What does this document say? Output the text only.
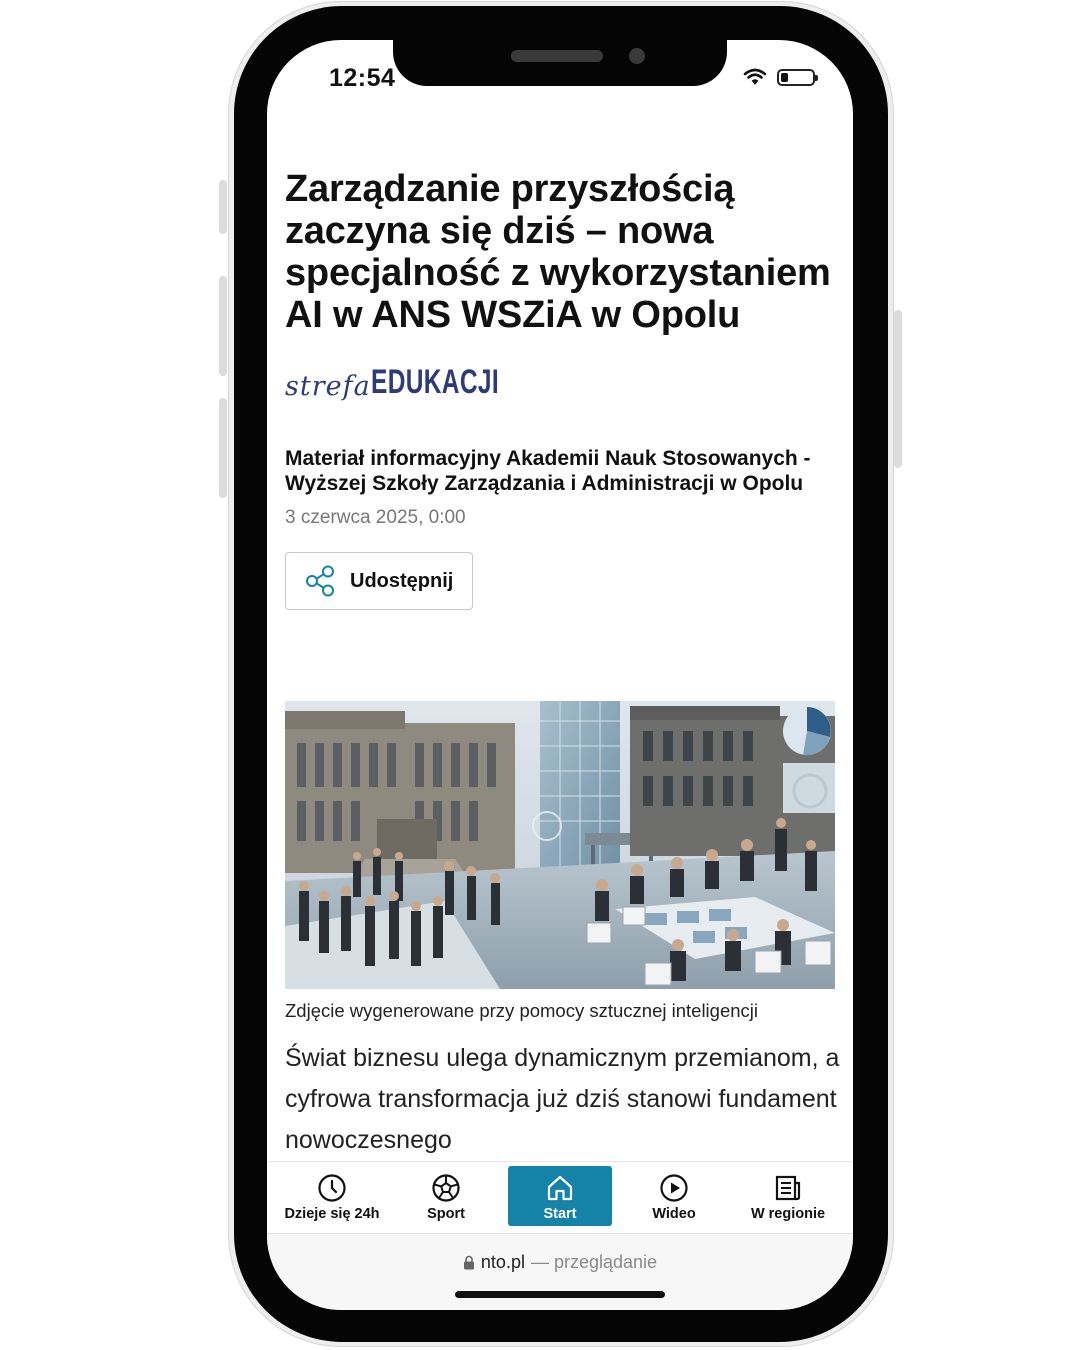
12:54
Zarządzanie przyszłością zaczyna się dziś – nowa specjalność z wykorzystaniem AI w ANS WSZiA w Opolu
strefa EDUKACJI
Materiał informacyjny Akademii Nauk Stosowanych - Wyższej Szkoły Zarządzania i Administracji w Opolu
3 czerwca 2025, 0:00
Udostępnij
Zdjęcie wygenerowane przy pomocy sztucznej inteligencji
Świat biznesu ulega dynamicznym przemianom, a cyfrowa transformacja już dziś stanowi fundament nowoczesnego
Dzieje się 24h	Sport	Start	Wideo	W regionie
nto.pl — przeglądanie
